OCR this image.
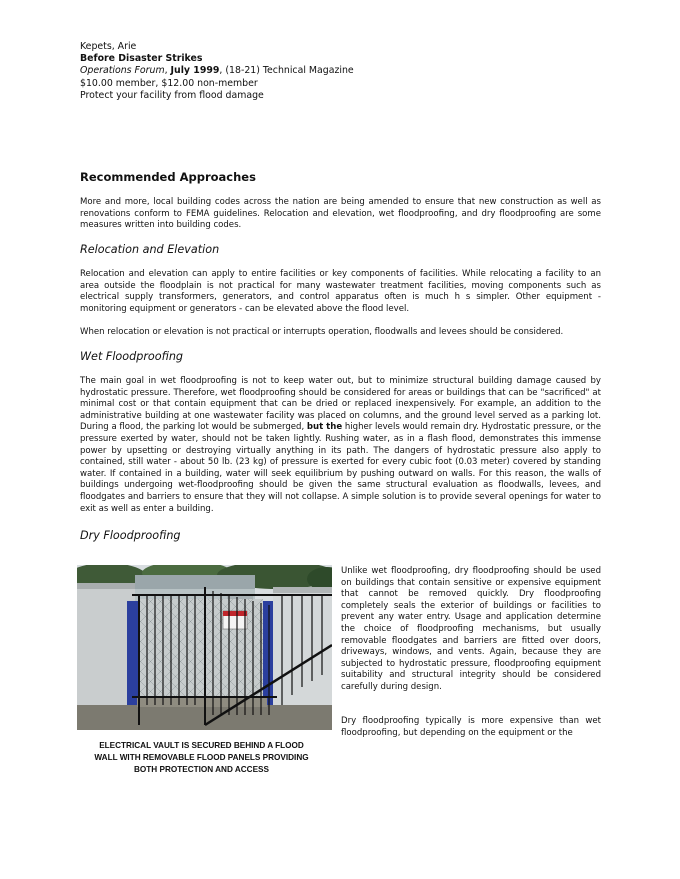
Kepets, Arie
Before Disaster Strikes
Operations Forum, July 1999, (18-21) Technical Magazine
$10.00 member, $12.00 non-member
Protect your facility from flood damage
Recommended Approaches

More and more, local building codes across the nation are being amended to ensure that new construction as well as renovations conform to FEMA guidelines. Relocation and elevation, wet floodproofing, and dry floodproofing are some measures written into building codes.

Relocation and Elevation

Relocation and elevation can apply to entire facilities or key components of facilities. While relocating a facility to an area outside the floodplain is not practical for many wastewater treatment facilities, moving components such as electrical supply transformers, generators, and control apparatus often is much h s simpler. Other equipment - monitoring equipment or generators - can be elevated above the flood level.

When relocation or elevation is not practical or interrupts operation, floodwalls and levees should be considered.

Wet Floodproofing

The main goal in wet floodproofing is not to keep water out, but to minimize structural building damage caused by hydrostatic pressure. Therefore, wet floodproofing should be considered for areas or buildings that can be "sacrificed" at minimal cost or that contain equipment that can be dried or replaced inexpensively. For example, an addition to the administrative building at one wastewater facility was placed on columns, and the ground level served as a parking lot. During a flood, the parking lot would be submerged, but the higher levels would remain dry. Hydrostatic pressure, or the pressure exerted by water, should not be taken lightly. Rushing water, as in a flash flood, demonstrates this immense power by upsetting or destroying virtually anything in its path. The dangers of hydrostatic pressure also apply to contained, still water - about 50 lb. (23 kg) of pressure is exerted for every cubic foot (0.03 meter) covered by standing water. If contained in a building, water will seek equilibrium by pushing outward on walls. For this reason, the walls of buildings undergoing wet-floodproofing should be given the same structural evaluation as floodwalls, levees, and floodgates and barriers to ensure that they will not collapse. A simple solution is to provide several openings for water to exit as well as enter a building.

Dry Floodproofing
ELECTRICAL VAULT IS SECURED BEHIND A FLOOD
WALL WITH REMOVABLE FLOOD PANELS PROVIDING
BOTH PROTECTION AND ACCESS

Unlike wet floodproofing, dry floodproofing should be used on buildings that contain sensitive or expensive equipment that cannot be removed quickly. Dry floodproofing completely seals the exterior of buildings or facilities to prevent any water entry. Usage and application determine the choice of floodproofing mechanisms, but usually removable floodgates and barriers are fitted over doors, driveways, windows, and vents. Again, because they are subjected to hydrostatic pressure, floodproofing equipment suitability and structural integrity should be considered carefully during design.

Dry floodproofing typically is more expensive than wet floodproofing, but depending on the equipment or the
